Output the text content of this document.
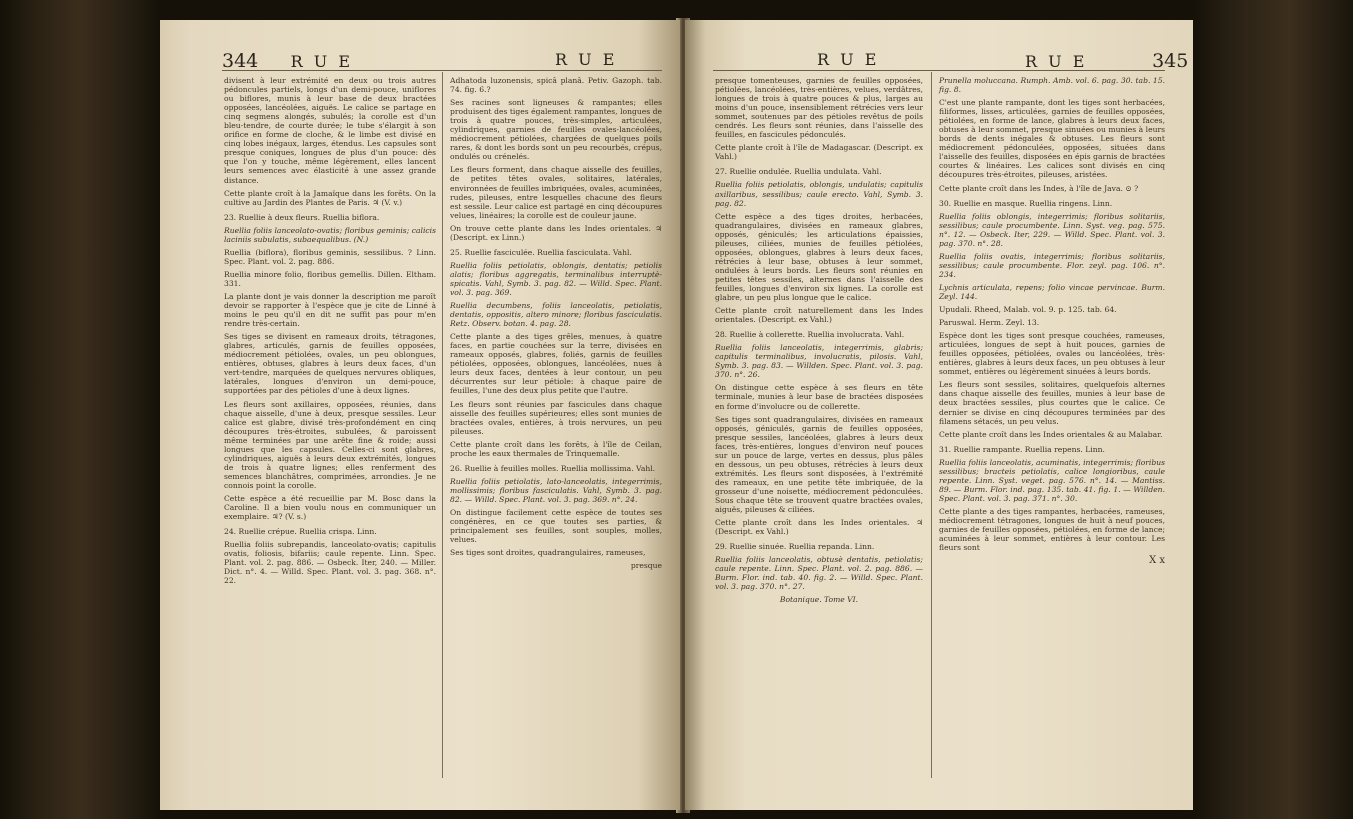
344 R U E	R U E

divisent à leur extrémité en deux ou trois autres pédoncules partiels, longs d'un demi-pouce, uniflores ou biflores, munis à leur base de deux bractées opposées, lancéolées, aiguës. Le calice se partage en cinq segmens alongés, subulés; la corolle est d'un bleu-tendre, de courte durée; le tube s'élargit à son orifice en forme de cloche, & le limbe est divisé en cinq lobes inégaux, larges, étendus. Les capsules sont presque coniques, longues de plus d'un pouce: dès que l'on y touche, même légèrement, elles lancent leurs semences avec élasticité à une assez grande distance.

Cette plante croît à la Jamaïque dans les forêts. On la cultive au Jardin des Plantes de Paris. ♃ (V. v.)

23. Ruellie à deux fleurs. Ruellia biflora.

Ruellia foliis lanceolato-ovatis; floribus geminis; calicis laciniis subulatis, subaequalibus. (N.)

Ruellia (biflora), floribus geminis, sessilibus. ? Linn. Spec. Plant. vol. 2. pag. 886.

Ruellia minore folio, floribus gemellis. Dillen. Eltham. 331.

La plante dont je vais donner la description me paroît devoir se rapporter à l'espèce que je cite de Linné à moins le peu qu'il en dit ne suffit pas pour m'en rendre très-certain.

Ses tiges se divisent en rameaux droits, tétragones, glabres, articulés, garnis de feuilles opposées, médiocrement pétiolées, ovales, un peu oblongues, entières, obtuses, glabres à leurs deux faces, d'un vert-tendre, marquées de quelques nervures obliques, latérales, longues d'environ un demi-pouce, supportées par des pétioles d'une à deux lignes.

Les fleurs sont axillaires, opposées, réunies, dans chaque aisselle, d'une à deux, presque sessiles. Leur calice est glabre, divisé très-profondément en cinq découpures très-étroites, subulées, & paroissent même terminées par une arête fine & roide; aussi longues que les capsules. Celles-ci sont glabres, cylindriques, aiguës à leurs deux extrémités, longues de trois à quatre lignes; elles renferment des semences blanchâtres, comprimées, arrondies. Je ne connois point la corolle.

Cette espèce a été recueillie par M. Bosc dans la Caroline. Il a bien voulu nous en communiquer un exemplaire. ♃? (V. s.)

24. Ruellie crépue. Ruellia crispa. Linn.

Ruellia foliis subrepandis, lanceolato-ovatis; capitulis ovatis, foliosis, bifariis; caule repente. Linn. Spec. Plant. vol. 2. pag. 886. — Osbeck. Iter, 240. — Miller. Dict. n°. 4. — Willd. Spec. Plant. vol. 3. pag. 368. n°. 22.

Adhatoda luzonensis, spicâ planâ. Petiv. Gazoph. tab. 74. fig. 6.?

Ses racines sont ligneuses & rampantes; elles produisent des tiges également rampantes, longues de trois à quatre pouces, très-simples, articulées, cylindriques, garnies de feuilles ovales-lancéolées, médiocrement pétiolées, chargées de quelques poils rares, & dont les bords sont un peu recourbés, crépus, ondulés ou crénelés.

Les fleurs forment, dans chaque aisselle des feuilles, de petites têtes ovales, solitaires, latérales, environnées de feuilles imbriquées, ovales, acuminées, rudes, pileuses, entre lesquelles chacune des fleurs est sessile. Leur calice est partagé en cinq découpures velues, linéaires; la corolle est de couleur jaune.

On trouve cette plante dans les Indes orientales. ♃ (Descript. ex Linn.)

25. Ruellie fasciculée. Ruellia fasciculata. Vahl.

Ruellia foliis petiolatis, oblongis, dentatis; petiolis alatis; floribus aggregatis, terminalibus interruptè-spicatis. Vahl, Symb. 3. pag. 82. — Willd. Spec. Plant. vol. 3. pag. 369.

Ruellia decumbens, foliis lanceolatis, petiolatis, dentatis, oppositis, altero minore; floribus fasciculatis. Retz. Observ. botan. 4. pag. 28.

Cette plante a des tiges grêles, menues, à quatre faces, en partie couchées sur la terre, divisées en rameaux opposés, glabres, foliés, garnis de feuilles pétiolées, opposées, oblongues, lancéolées, nues à leurs deux faces, dentées à leur contour, un peu décurrentes sur leur pétiole: à chaque paire de feuilles, l'une des deux plus petite que l'autre.

Les fleurs sont réunies par fascicules dans chaque aisselle des feuilles supérieures; elles sont munies de bractées ovales, entières, à trois nervures, un peu pileuses.

Cette plante croît dans les forêts, à l'île de Ceilan, proche les eaux thermales de Trinquemalle.

26. Ruellie à feuilles molles. Ruellia mollissima. Vahl.

Ruellia foliis petiolatis, lato-lanceolatis, integerrimis, mollissimis; floribus fasciculatis. Vahl, Symb. 3. pag. 82. — Willd. Spec. Plant. vol. 3. pag. 369. n°. 24.

On distingue facilement cette espèce de toutes ses congénères, en ce que toutes ses parties, & principalement ses feuilles, sont souples, molles, velues.

Ses tiges sont droites, quadrangulaires, rameuses,

presque

R U E	R U E	345

presque tomenteuses, garnies de feuilles opposées, pétiolées, lancéolées, très-entières, velues, verdâtres, longues de trois à quatre pouces & plus, larges au moins d'un pouce, insensiblement rétrécies vers leur sommet, soutenues par des pétioles revêtus de poils cendrés. Les fleurs sont réunies, dans l'aisselle des feuilles, en fascicules pédonculés.

Cette plante croît à l'île de Madagascar. (Descript. ex Vahl.)

27. Ruellie ondulée. Ruellia undulata. Vahl.

Ruellia foliis petiolatis, oblongis, undulatis; capitulis axillaribus, sessilibus; caule erecto. Vahl, Symb. 3. pag. 82.

Cette espèce a des tiges droites, herbacées, quadrangulaires, divisées en rameaux glabres, opposés, géniculés; les articulations épaissies, pileuses, ciliées, munies de feuilles pétiolées, opposées, oblongues, glabres à leurs deux faces, rétrécies à leur base, obtuses à leur sommet, ondulées à leurs bords. Les fleurs sont réunies en petites têtes sessiles, alternes dans l'aisselle des feuilles, longues d'environ six lignes. La corolle est glabre, un peu plus longue que le calice.

Cette plante croît naturellement dans les Indes orientales. (Descript. ex Vahl.)

28. Ruellie à collerette. Ruellia involucrata. Vahl.

Ruellia foliis lanceolatis, integerrimis, glabris; capitulis terminalibus, involucratis, pilosis. Vahl, Symb. 3. pag. 83. — Willden. Spec. Plant. vol. 3. pag. 370. n°. 26.

On distingue cette espèce à ses fleurs en tête terminale, munies à leur base de bractées disposées en forme d'involucre ou de collerette.

Ses tiges sont quadrangulaires, divisées en rameaux opposés, géniculés, garnis de feuilles opposées, presque sessiles, lancéolées, glabres à leurs deux faces, très-entières, longues d'environ neuf pouces sur un pouce de large, vertes en dessus, plus pâles en dessous, un peu obtuses, rétrécies à leurs deux extrémités. Les fleurs sont disposées, à l'extrémité des rameaux, en une petite tête imbriquée, de la grosseur d'une noisette, médiocrement pédonculées. Sous chaque tête se trouvent quatre bractées ovales, aiguës, pileuses & ciliées.

Cette plante croît dans les Indes orientales. ♃ (Descript. ex Vahl.)

29. Ruellie sinuée. Ruellia repanda. Linn.

Ruellia foliis lanceolatis, obtusè dentatis, petiolatis; caule repente. Linn. Spec. Plant. vol. 2. pag. 886. — Burm. Flor. ind. tab. 40. fig. 2. — Willd. Spec. Plant. vol. 3. pag. 370. n°. 27.

Botanique. Tome VI.

Prunella moluccana. Rumph. Amb. vol. 6. pag. 30. tab. 15. fig. 8.

C'est une plante rampante, dont les tiges sont herbacées, filiformes, lisses, articulées, garnies de feuilles opposées, pétiolées, en forme de lance, glabres à leurs deux faces, obtuses à leur sommet, presque sinuées ou munies à leurs bords de dents inégales & obtuses. Les fleurs sont médiocrement pédonculées, opposées, situées dans l'aisselle des feuilles, disposées en épis garnis de bractées courtes & linéaires. Les calices sont divisés en cinq découpures très-étroites, pileuses, aristées.

Cette plante croît dans les Indes, à l'île de Java. ⊙ ?

30. Ruellie en masque. Ruellia ringens. Linn.

Ruellia foliis oblongis, integerrimis; floribus solitariis, sessilibus; caule procumbente. Linn. Syst. veg. pag. 575. n°. 12. — Osbeck. Iter, 229. — Willd. Spec. Plant. vol. 3. pag. 370. n°. 28.

Ruellia foliis ovatis, integerrimis; floribus solitariis, sessilibus; caule procumbente. Flor. zeyl. pag. 106. n°. 234.

Lychnis articulata, repens; folio vincae pervincae. Burm. Zeyl. 144.

Upudali. Rheed, Malab. vol. 9. p. 125. tab. 64.

Paruswal. Herm. Zeyl. 13.

Espèce dont les tiges sont presque couchées, rameuses, articulées, longues de sept à huit pouces, garnies de feuilles opposées, pétiolées, ovales ou lancéolées, très-entières, glabres à leurs deux faces, un peu obtuses à leur sommet, entières ou légèrement sinuées à leurs bords.

Les fleurs sont sessiles, solitaires, quelquefois alternes dans chaque aisselle des feuilles, munies à leur base de deux bractées sessiles, plus courtes que le calice. Ce dernier se divise en cinq découpures terminées par des filamens sétacés, un peu velus.

Cette plante croît dans les Indes orientales & au Malabar.

31. Ruellie rampante. Ruellia repens. Linn.

Ruellia foliis lanceolatis, acuminatis, integerrimis; floribus sessilibus; bracteis petiolatis, calice longioribus, caule repente. Linn. Syst. veget. pag. 576. n°. 14. — Mantiss. 89. — Burm. Flor. ind. pag. 135. tab. 41. fig. 1. — Willden. Spec. Plant. vol. 3. pag. 371. n°. 30.

Cette plante a des tiges rampantes, herbacées, rameuses, médiocrement tétragones, longues de huit à neuf pouces, garnies de feuilles opposées, pétiolées, en forme de lance; acuminées à leur sommet, entières à leur contour. Les fleurs sont

X x
